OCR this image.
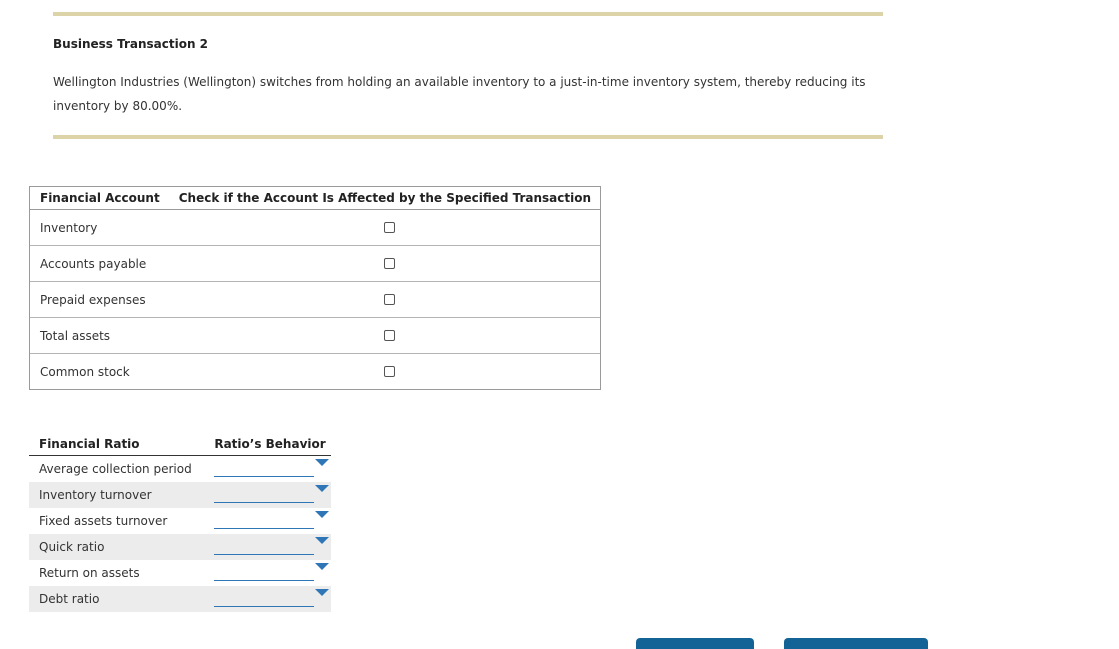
Business Transaction 2
Wellington Industries (Wellington) switches from holding an available inventory to a just-in-time inventory system, thereby reducing its inventory by 80.00%.
Financial Account	Check if the Account Is Affected by the Specified Transaction
Inventory
Accounts payable
Prepaid expenses
Total assets
Common stock
Financial Ratio	Ratio’s Behavior
Average collection period
Inventory turnover
Fixed assets turnover
Quick ratio
Return on assets
Debt ratio
